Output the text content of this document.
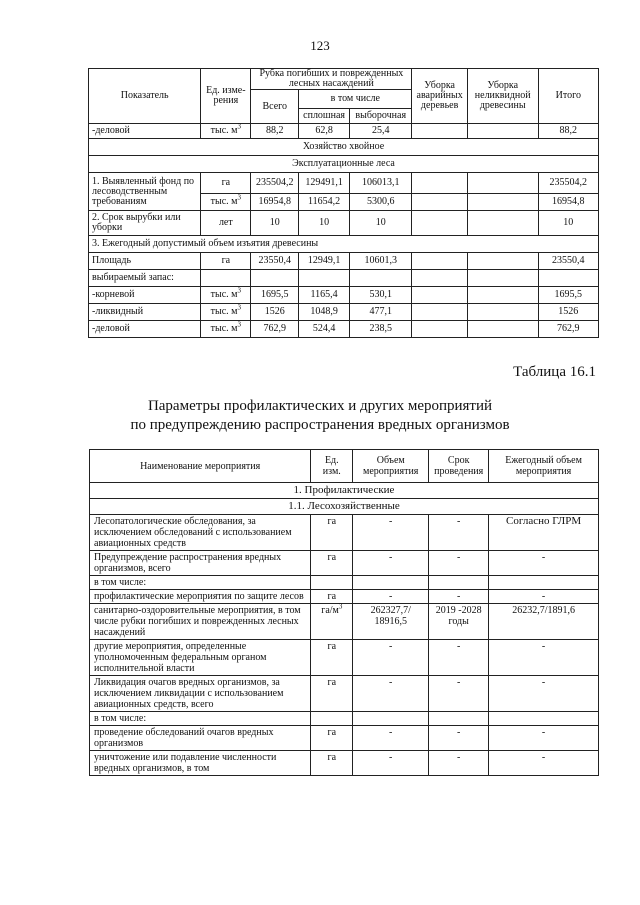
123
Показатель	Ед. изме-рения	Рубка погибших и поврежденных лесных насаждений			Уборка аварийных деревьев	Уборка неликвидной древесины	Итого
		Всего	в том числе				
			сплошная	выборочная			
-деловой	тыс. $м^3$	88,2	62,8	25,4			88,2
Хозяйство хвойное							
Эксплуатационные леса							
1. Выявленный фонд по лесоводственным требованиям	га	235504,2	129491,1	106013,1			235504,2
	тыс. $м^3$	16954,8	11654,2	5300,6			16954,8
2. Срок вырубки или уборки	лет	10	10	10			10
3. Ежегодный допустимый объем изъятия древесины							
Площадь	га	23550,4	12949,1	10601,3			23550,4
выбираемый запас:							
-корневой	тыс. $м^3$	1695,5	1165,4	530,1			1695,5
-ликвидный	тыс. $м^3$	1526	1048,9	477,1			1526
-деловой	тыс. $м^3$	762,9	524,4	238,5			762,9
Таблица 16.1
Параметры профилактических и других мероприятий
по предупреждению распространения вредных организмов
Наименование мероприятия	Ед. изм.	Объем мероприятия	Срок проведения	Ежегодный объем мероприятия
1. Профилактические				
1.1. Лесохозяйственные				
Лесопатологические обследования, за исключением обследований с использованием авиационных средств	га	-	-	Согласно ГЛРМ
Предупреждение распространения вредных организмов, всего	га	-	-	-
в том числе:				
профилактические мероприятия по защите лесов	га	-	-	-
санитарно-оздоровительные мероприятия, в том числе рубки погибших и поврежденных лесных насаждений	$га/м^3$	262327,7/ 18916,5	2019 -2028 годы	26232,7/1891,6
другие мероприятия, определенные уполномоченным федеральным органом исполнительной власти	га	-	-	-
Ликвидация очагов вредных организмов, за исключением ликвидации с использованием авиационных средств, всего	га	-	-	-
в том числе:				
проведение обследований очагов вредных организмов	га	-	-	-
уничтожение или подавление численности вредных организмов, в том	га	-	-	-
